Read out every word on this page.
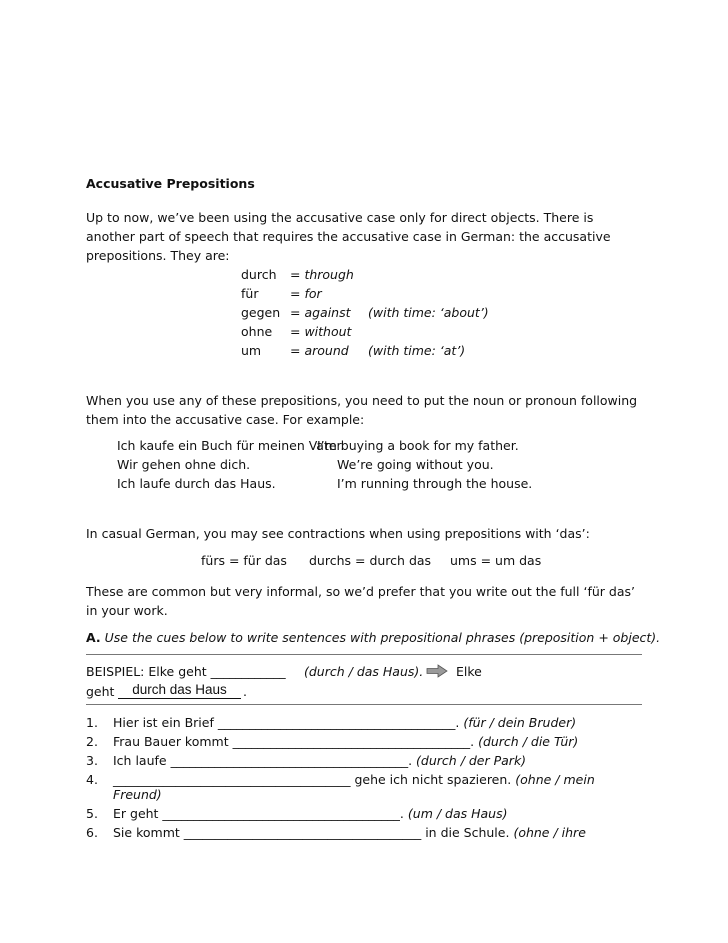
Accusative Prepositions
Up to now, we’ve been using the accusative case only for direct objects. There is another part of speech that requires the accusative case in German: the accusative prepositions. They are:
durch = through
für	= for
gegen = against (with time: ‘about’)
ohne = without
um = around (with time: ‘at’)
When you use any of these prepositions, you need to put the noun or pronoun following them into the accusative case. For example:
Ich kaufe ein Buch für meinen Vater.
I’m buying a book for my father.
Wir gehen ohne dich.	We’re going without you.
Ich laufe durch das Haus.	I’m running through the house.
In casual German, you may see contractions when using prepositions with ‘das’:
fürs = für das durchs = durch das ums = um das
These are common but very informal, so we’d prefer that you write out the full ‘für das’ in your work.
A. Use the cues below to write sentences with prepositional phrases (preposition + object).
BEISPIEL: Elke geht ____________ (durch / das Haus).	Elke
geht	durch das Haus	.
1. Hier ist ein Brief ______________________________________. (für / dein Bruder)
2. Frau Bauer kommt ______________________________________. (durch / die Tür)
3. Ich laufe ______________________________________. (durch / der Park)
4. ______________________________________ gehe ich nicht spazieren. (ohne / mein
Freund)
5. Er geht ______________________________________. (um / das Haus)
6. Sie kommt ______________________________________ in die Schule. (ohne / ihre
